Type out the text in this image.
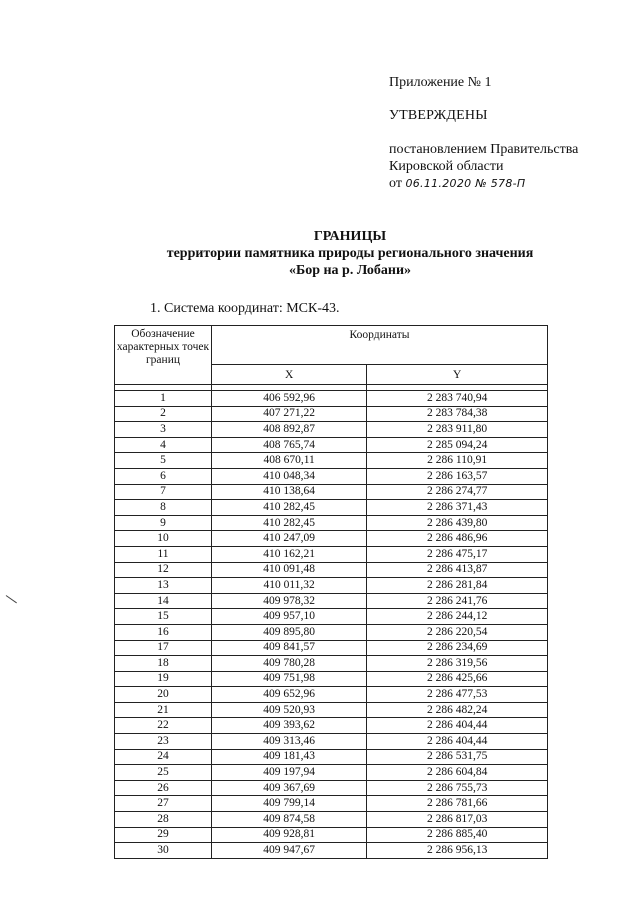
Приложение № 1
УТВЕРЖДЕНЫ
постановлением Правительства
Кировской области
от 06.11.2020 № 578-П
ГРАНИЦЫ
территории памятника природы регионального значения
«Бор на р. Лобани»
1. Система координат: МСК-43.
Обозначение характерных точек границ	Координаты	
	X	Y

1	406 592,96	2 283 740,94
2	407 271,22	2 283 784,38
3	408 892,87	2 283 911,80
4	408 765,74	2 285 094,24
5	408 670,11	2 286 110,91
6	410 048,34	2 286 163,57
7	410 138,64	2 286 274,77
8	410 282,45	2 286 371,43
9	410 282,45	2 286 439,80
10	410 247,09	2 286 486,96
11	410 162,21	2 286 475,17
12	410 091,48	2 286 413,87
13	410 011,32	2 286 281,84
14	409 978,32	2 286 241,76
15	409 957,10	2 286 244,12
16	409 895,80	2 286 220,54
17	409 841,57	2 286 234,69
18	409 780,28	2 286 319,56
19	409 751,98	2 286 425,66
20	409 652,96	2 286 477,53
21	409 520,93	2 286 482,24
22	409 393,62	2 286 404,44
23	409 313,46	2 286 404,44
24	409 181,43	2 286 531,75
25	409 197,94	2 286 604,84
26	409 367,69	2 286 755,73
27	409 799,14	2 286 781,66
28	409 874,58	2 286 817,03
29	409 928,81	2 286 885,40
30	409 947,67	2 286 956,13
